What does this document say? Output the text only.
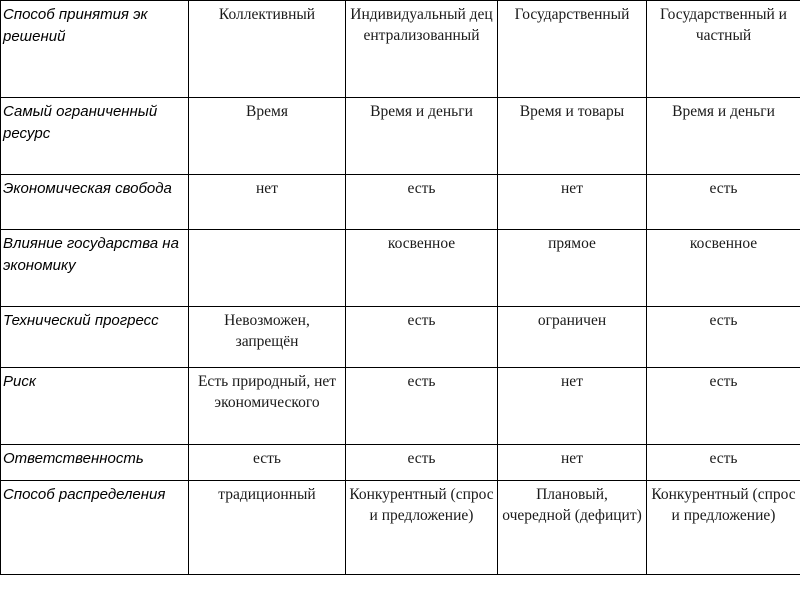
Способ принятия эк решений	Коллективный	Индивидуальный децентрализованный	Государственный	Государственный и частный
Самый ограниченный ресурс	Время	Время и деньги	Время и товары	Время и деньги
Экономическая свобода	нет	есть	нет	есть
Влияние государства на экономику		косвенное	прямое	косвенное
Технический прогресс	Невозможен, запрещён	есть	ограничен	есть
Риск	Есть природный, нет экономического	есть	нет	есть
Ответственность	есть	есть	нет	есть
Способ распределения	традиционный	Конкурентный (спрос и предложение)	Плановый, очередной (дефицит)	Конкурентный (спрос и предложение)
